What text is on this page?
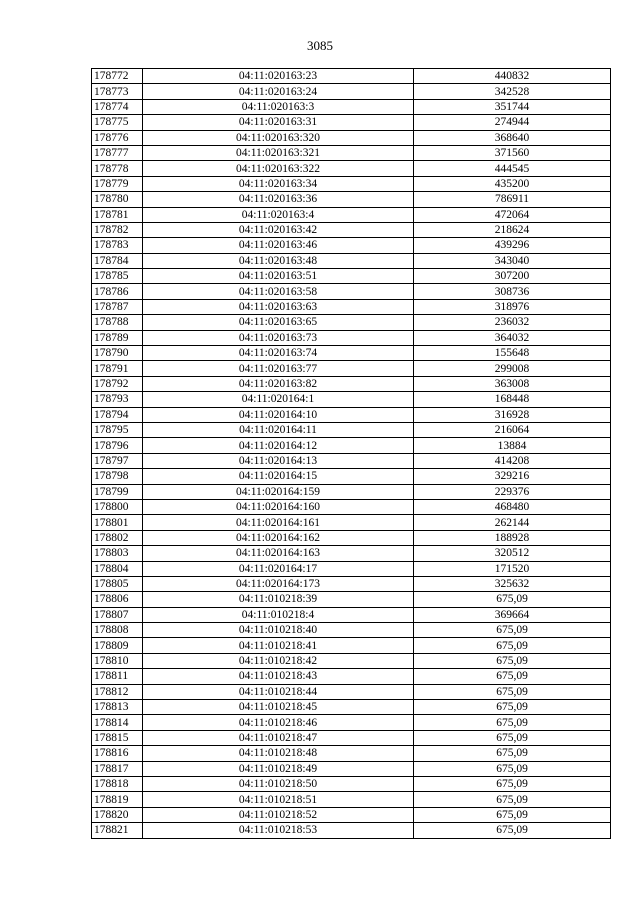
3085
178772	04:11:020163:23	440832
178773	04:11:020163:24	342528
178774	04:11:020163:3	351744
178775	04:11:020163:31	274944
178776	04:11:020163:320	368640
178777	04:11:020163:321	371560
178778	04:11:020163:322	444545
178779	04:11:020163:34	435200
178780	04:11:020163:36	786911
178781	04:11:020163:4	472064
178782	04:11:020163:42	218624
178783	04:11:020163:46	439296
178784	04:11:020163:48	343040
178785	04:11:020163:51	307200
178786	04:11:020163:58	308736
178787	04:11:020163:63	318976
178788	04:11:020163:65	236032
178789	04:11:020163:73	364032
178790	04:11:020163:74	155648
178791	04:11:020163:77	299008
178792	04:11:020163:82	363008
178793	04:11:020164:1	168448
178794	04:11:020164:10	316928
178795	04:11:020164:11	216064
178796	04:11:020164:12	13884
178797	04:11:020164:13	414208
178798	04:11:020164:15	329216
178799	04:11:020164:159	229376
178800	04:11:020164:160	468480
178801	04:11:020164:161	262144
178802	04:11:020164:162	188928
178803	04:11:020164:163	320512
178804	04:11:020164:17	171520
178805	04:11:020164:173	325632
178806	04:11:010218:39	675,09
178807	04:11:010218:4	369664
178808	04:11:010218:40	675,09
178809	04:11:010218:41	675,09
178810	04:11:010218:42	675,09
178811	04:11:010218:43	675,09
178812	04:11:010218:44	675,09
178813	04:11:010218:45	675,09
178814	04:11:010218:46	675,09
178815	04:11:010218:47	675,09
178816	04:11:010218:48	675,09
178817	04:11:010218:49	675,09
178818	04:11:010218:50	675,09
178819	04:11:010218:51	675,09
178820	04:11:010218:52	675,09
178821	04:11:010218:53	675,09
